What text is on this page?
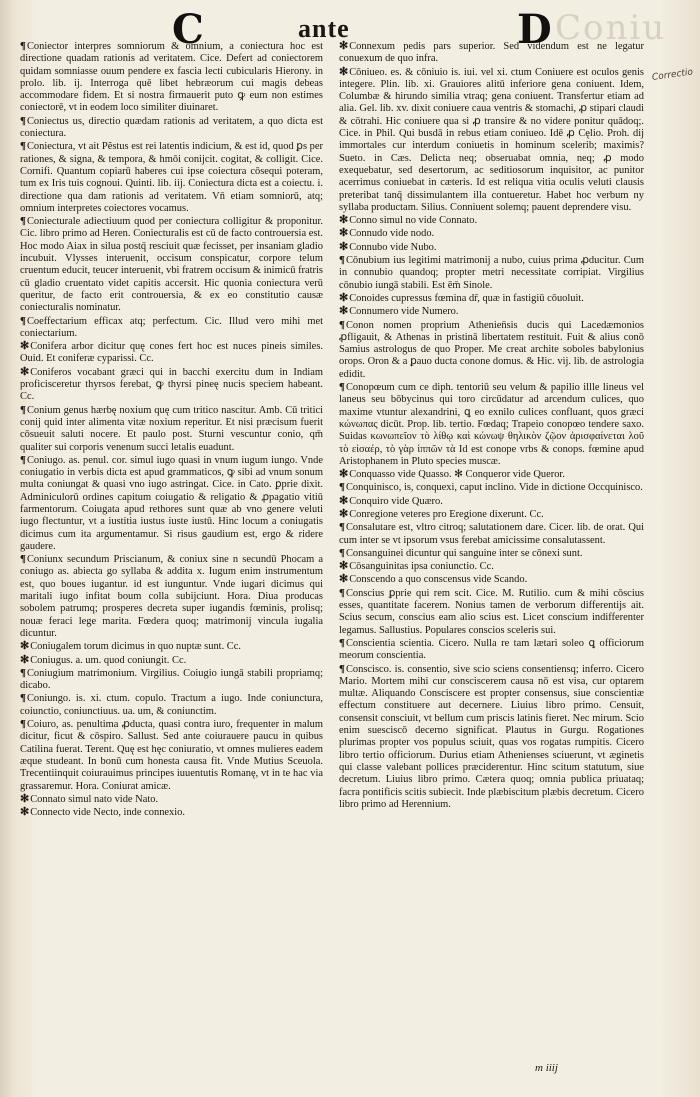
Coniu
C	ante	D

¶Coniector interpres somniorum & omnium, a coniectura hoc est directione quadam rationis ad veritatem. Cice. Defert ad coniectorem quidam somniasse ouum pendere ex fascia lecti cubicularis Hierony. in prolo. lib. ij. Interroga quē libet hebræorum cui magis debeas accommodare fidem. Et si nostra firmauerit puto ꝙ eum non estimes coniectorē, vt in eodem loco similiter diuinaret.

¶Coniectus us, directio quædam rationis ad veritatem, a quo dicta est coniectura.

¶Coniectura, vt ait Pĕstus est rei latentis indicium, & est id, quod ꝑs per rationes, & signa, & tempora, & hmōi conijcit. cogitat, & colligit. Cice. Cornifi. Quantum copiarū haberes cui ipse coiectura cōsequi poteram, tum ex Iris tuis cognoui. Quinti. lib. iij. Coniectura dicta est a coiectu. i. directione qua dam rationis ad veritatem. Vn̄ etiam somniorū, atq; omnium interpretes coiectores vocamus.

¶Coniecturale adiectiuum quod per coniectura colligitur & proponitur. Cic. libro primo ad Heren. Coniecturalis est cū de facto controuersia est. Hoc modo Aiax in silua postq̄ resciuit quæ fecisset, per insaniam gladio incubuit. Vlysses interuenit, occisum conspicatur, corpore telum cruentum educit, teucer interuenit, vbi fratrem occisum & inimicū fratris cū gladio cruentato videt capitis accersit. Hic quonia coniectura verū queritur, de facto erit controuersia, & ex eo constitutio causæ coniecturalis nominatur.

¶Coeffectarium efficax atq; perfectum. Cic. Illud vero mihi met coniectarium.

✻Conifera arbor dicitur quę cones fert hoc est nuces pineis similes. Ouid. Et coniferæ cyparissi. Cc.

✻Coniferos vocabant græci qui in bacchi exercitu dum in Indiam proficisceretur thyrsos ferebat, ꝙ thyrsi pineę nucis speciem habeant. Cc.

¶Conium genus hærbę noxium quę cum tritico nascitur. Amb. Cū tritici conij quid inter alimenta vitæ noxium reperitur. Et nisi præcisum fuerit cōsueuit saluti nocere. Et paulo post. Sturni vescuntur conio, qm̄ qualiter sui corporis venenum succi letalis euadunt.

¶Coniugo. as. penul. cor. simul iugo quasi in vnum iugum iungo. Vnde coniugatio in verbis dicta est apud grammaticos, ꝙ sibi ad vnum sonum multa coniungat & quasi vno iugo astringat. Cice. in Cato. ꝑprie dixit. Adminiculorū ordines capitum coiugatio & religatio & ꝓpagatio vitiū farmentorum. Coiugata apud rethores sunt quæ ab vno genere veluti iugo flectuntur, vt a iustitia iustus iuste iustū. Hinc locum a coniugatis dicimus cum ita argumentamur. Si risus gaudium est, ergo & ridere gaudere.

¶Coniunx secundum Priscianum, & coniux sine n secundū Phocam a coniugo as. abiecta go syllaba & addita x. Iugum enim instrumentum est, quo boues iugantur. id est iunguntur. Vnde iugari dicimus qui maritali iugo infitat boum colla subijciunt. Hora. Diua producas sobolem patrumq; prosperes decreta super iugandis fœminis, prolisq; nouæ feraci lege marita. Fœdera quoq; matrimonij vincula iugalia dicuntur.

✻Coniugalem torum dicimus in quo nuptæ sunt. Cc.

✻Coniugus. a. um. quod coniungit. Cc.

¶Coniugium matrimonium. Virgilius. Coiugio iungā stabili propriamq; dicabo.

¶Coniungo. is. xi. ctum. copulo. Tractum a iugo. Inde coniunctura, coiunctio, coniunctiuus. ua. um, & coniunctim.

¶Coiuro, as. penultima ꝓducta, quasi contra iuro, frequenter in malum dicitur, ficut & cōspiro. Sallust. Sed ante coiurauere paucu in quibus Catilina fuerat. Terent. Quę est hęc coniuratio, vt omnes mulieres eadem æque studeant. In bonū cum honesta causa fit. Vnde Mutius Sceuola. Trecentiinquit coiurauimus principes iuuentutis Romanę, vt in te hac via grassaremur. Hora. Coniurat amicæ.

✻Connato simul nato vide Nato.

✻Connecto vide Necto, inde connexio.

✻Connexum pedis pars superior. Sed videndum est ne legatur conuexum de quo infra.

✻Cōniueo. es. & cōniuio is. iui. vel xi. ctum Coniuere est oculos genis integere. Plin. lib. xi. Grauiores alitū inferiore gena coniuent. Idem, Columbæ & hirundo similia vtraq; gena coniuent. Transfertur etiam ad alia. Gel. lib. xv. dixit coniuere caua ventris & stomachi, ꝓ stipari claudi & cōtrahi. Hic coniuere qua si ꝓ transire & no videre ponitur quādoq;. Cice. in Phil. Qui busdā in rebus etiam coniueo. Idē ꝓ Cęlio. Proh. dij immortales cur interdum coniuetis in hominum scelerib; maximis? Sueto. in Cæs. Delicta neq; obseruabat omnia, neq; ꝓ modo exequebatur, sed desertorum, ac seditiosorum inquisitor, ac punitor acerrimus coniuebat in cæteris. Id est reliqua vitia oculis veluti clausis preteribat tanq̄ dissimulantem illa contueretur. Habet hoc verbum ny syllaba productam. Silius. Conniuent solemq; pauent deprendere visu.

✻Conno simul no vide Connato.

✻Connudo vide nodo.

✻Connubo vide Nubo.

¶Cōnubium ius legitimi matrimonij a nubo, cuius prima ꝓducitur. Cum in connubio quandoq; propter metri necessitate corripiat. Virgilius cōnubio iungā stabili. Est ēm̄ Sinole.

✻Conoides cupressus fœmina dr̄, quæ in fastigiū cōuoluit.

✻Connumero vide Numero.

¶Conon nomen proprium Athenien̄sis ducis qui Lacedæmonios ꝓfligauit, & Athenas in pristinā libertatem restituit. Fuit & alius conō Samius astrologus de quo Proper. Me creat archite soboles babylonius orops. Oron & a ꝑauo ducta conone domus. & Hic. vij. lib. de astrologia edidit.

¶Conopœum cum ce diph. tentoriū seu velum & papilio illle lineus vel laneus seu bōbycinus qui toro circūdatur ad arcendum culices, quo maxime vtuntur alexandrini, ꝗ eo exnilo culices confluant, quos græci κώνωπας dicūt. Prop. lib. tertio. Fœdaq; Trapeio conopœo tendere saxo. Suidas κωνωπεῖον τὸ λίθῳ καὶ κώνωψ θηλικὸν ζῷον ἀρισφαίνεται λοῦ τὸ εἰσαέρ, τὸ γὰρ ἱππῶν τὰ Id est conope vrbs & conops. fœmine apud Aristophanem in Pluto species muscæ.

✻Conquasso vide Quasso. ✻ Conqueror vide Queror.

¶Conquinisco, is, conquexi, caput inclino. Vide in dictione Occquinisco.

✻Conquiro vide Quæro.

✻Conregione veteres pro Eregione dixerunt. Cc.

¶Consalutare est, vltro citroq; salutationem dare. Cicer. lib. de orat. Qui cum inter se vt ipsorum vsus ferebat amicissime consalutassent.

¶Consanguinei dicuntur qui sanguine inter se cōnexi sunt.

✻Cōsanguinitas ipsa coniunctio. Cc.

✻Conscendo a quo conscensus vide Scando.

¶Conscius ꝑprie qui rem scit. Cice. M. Rutilio. cum & mihi cōscius esses, quantitate facerem. Nonius tamen de verborum differentijs ait. Scius secum, conscius eam alio scius est. Licet conscium indifferenter legamus. Sallustius. Populares conscios sceleris sui.

¶Conscientia scientia. Cicero. Nulla re tam lætari soleo ꝗ officiorum meorum conscientia.

¶Conscisco. is. consentio, sive scio sciens consentiensq; inferro. Cicero Mario. Mortem mihi cur consciscerem causa nō est visa, cur optarem multæ. Aliquando Consciscere est propter consensus, siue conscientiæ effectum constituere aut decernere. Liuius libro primo. Censuit, consensit consciuit, vt bellum cum priscis latinis fieret. Nec mirum. Scio enim suesciscō decerno significat. Plautus in Gurgu. Rogationes plurimas propter vos populus sciuit, quas vos rogatas rumpitis. Cicero libro tertio officiorum. Durius etiam Athenienses sciuerunt, vt æginetis qui classe valebant pollices præciderentur. Hinc scitum statutum, siue decretum. Liuius libro primo. Cætera quoq; omnia publica priuataq; facra pontificis scitis subiecit. Inde plæbiscitum plæbis decretum. Cicero libro primo ad Herennium.

Correctio
m iiij
